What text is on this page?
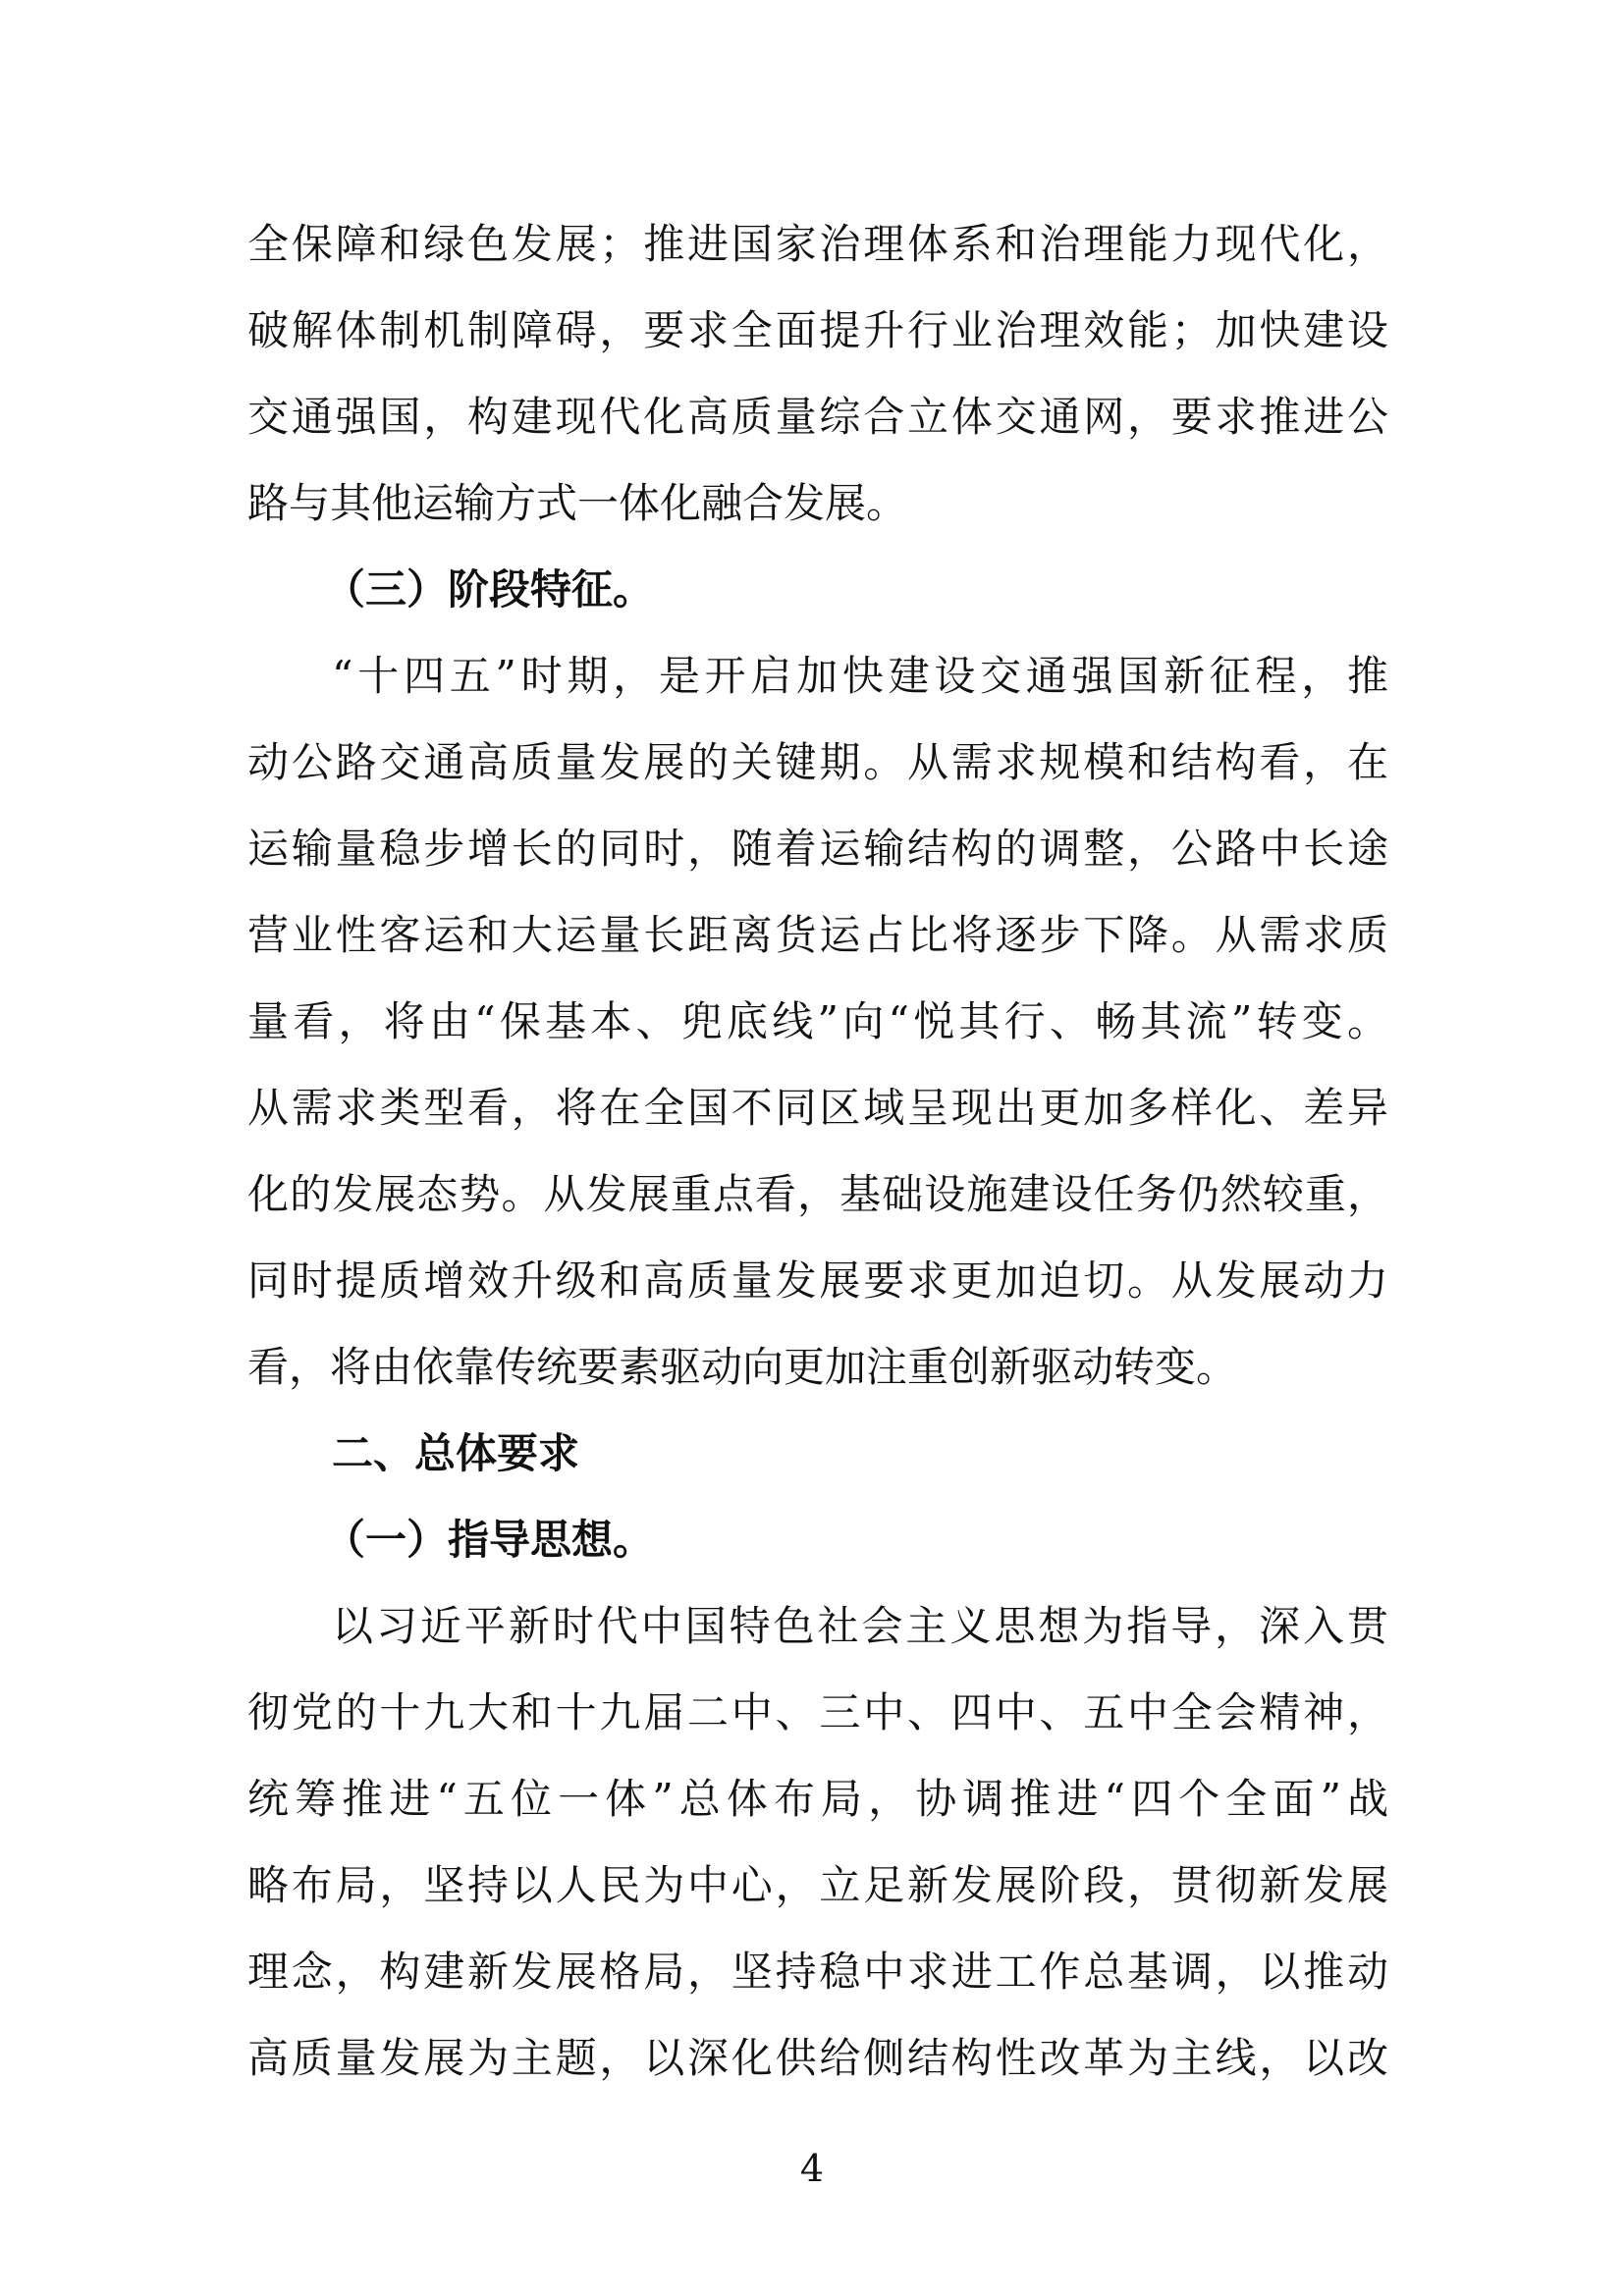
全保障和绿色发展；推进国家治理体系和治理能力现代化，
破解体制机制障碍，要求全面提升行业治理效能；加快建设
交通强国，构建现代化高质量综合立体交通网，要求推进公
路与其他运输方式一体化融合发展。
（三）阶段特征。
“十四五”时期，是开启加快建设交通强国新征程，推
动公路交通高质量发展的关键期。从需求规模和结构看，在
运输量稳步增长的同时，随着运输结构的调整，公路中长途
营业性客运和大运量长距离货运占比将逐步下降。从需求质
量看，将由“保基本、兜底线”向“悦其行、畅其流”转变。
从需求类型看，将在全国不同区域呈现出更加多样化、差异
化的发展态势。从发展重点看，基础设施建设任务仍然较重，
同时提质增效升级和高质量发展要求更加迫切。从发展动力
看，将由依靠传统要素驱动向更加注重创新驱动转变。
二、总体要求
（一）指导思想。
以习近平新时代中国特色社会主义思想为指导，深入贯
彻党的十九大和十九届二中、三中、四中、五中全会精神，
统筹推进“五位一体”总体布局，协调推进“四个全面”战
略布局，坚持以人民为中心，立足新发展阶段，贯彻新发展
理念，构建新发展格局，坚持稳中求进工作总基调，以推动
高质量发展为主题，以深化供给侧结构性改革为主线，以改
4
